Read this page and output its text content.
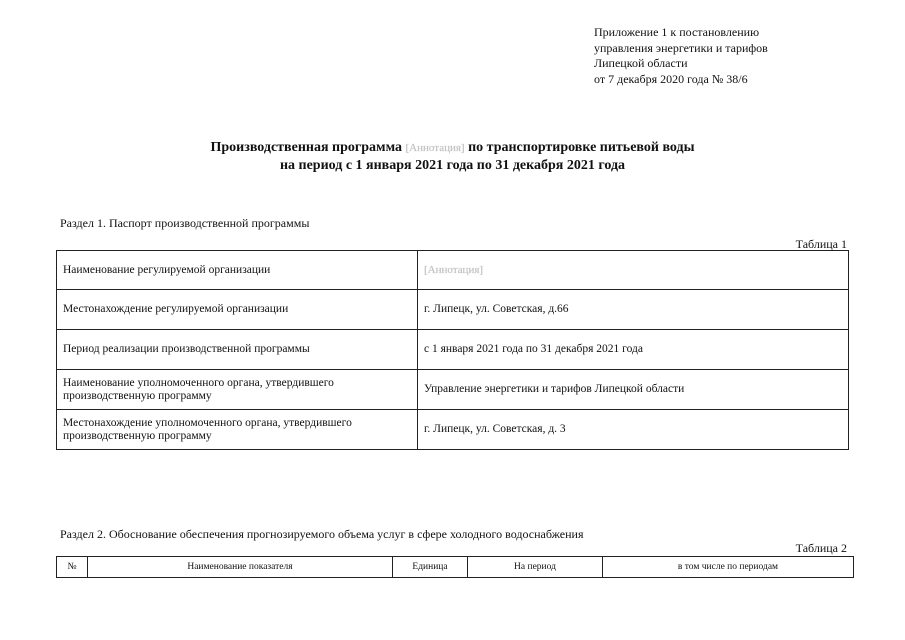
Приложение 1 к постановлению
управления энергетики и тарифов
Липецкой области
от 7 декабря 2020 года № 38/6
Производственная программа [Аннотация] по транспортировке питьевой воды
на период с 1 января 2021 года по 31 декабря 2021 года
Раздел 1. Паспорт производственной программы
Таблица 1
Наименование регулируемой организации	[Аннотация]
Местонахождение регулируемой организации	г. Липецк, ул. Советская, д.66
Период реализации производственной программы	с 1 января 2021 года по 31 декабря 2021 года
Наименование уполномоченного органа, утвердившего производственную программу	Управление энергетики и тарифов Липецкой области
Местонахождение уполномоченного органа, утвердившего производственную программу	г. Липецк, ул. Советская, д. 3
Раздел 2. Обоснование обеспечения прогнозируемого объема услуг в сфере холодного водоснабжения
Таблица 2
№	Наименование показателя	Единица	На период	в том числе по периодам
